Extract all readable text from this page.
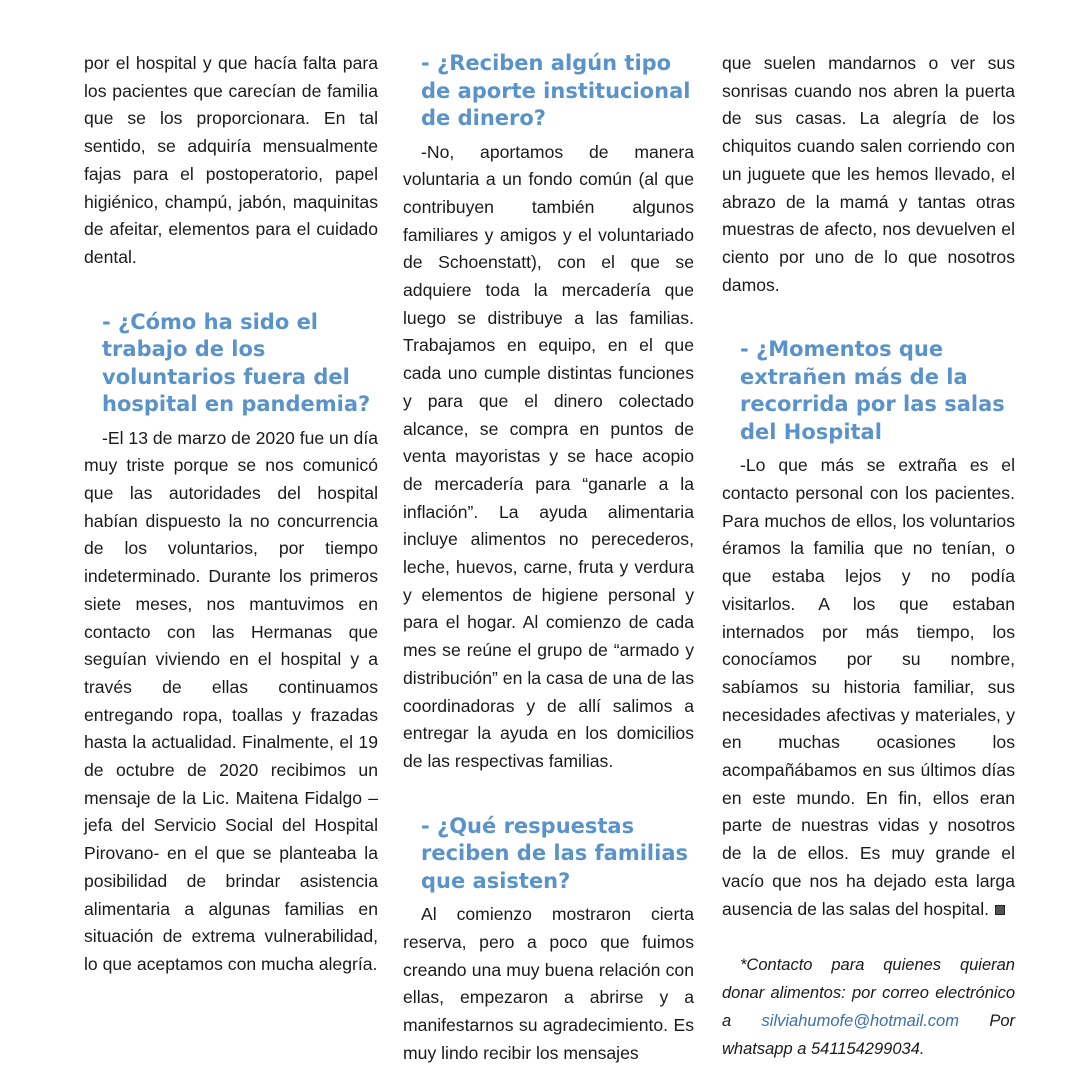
por el hospital y que hacía falta para los pacientes que carecían de familia que se los proporcionara. En tal sentido, se adquiría mensualmente fajas para el postoperatorio, papel higiénico, champú, jabón, maquinitas de afeitar, elementos para el cuidado dental.

- ¿Cómo ha sido el trabajo de los voluntarios fuera del hospital en pandemia?

-El 13 de marzo de 2020 fue un día muy triste porque se nos comunicó que las autoridades del hospital habían dispuesto la no concurrencia de los voluntarios, por tiempo indeterminado. Durante los primeros siete meses, nos mantuvimos en contacto con las Hermanas que seguían viviendo en el hospital y a través de ellas continuamos entregando ropa, toallas y frazadas hasta la actualidad. Finalmente, el 19 de octubre de 2020 recibimos un mensaje de la Lic. Maitena Fidalgo –jefa del Servicio Social del Hospital Pirovano- en el que se planteaba la posibilidad de brindar asistencia alimentaria a algunas familias en situación de extrema vulnerabilidad, lo que aceptamos con mucha alegría.

- ¿Reciben algún tipo de aporte institucional de dinero?

-No, aportamos de manera voluntaria a un fondo común (al que contribuyen también algunos familiares y amigos y el voluntariado de Schoenstatt), con el que se adquiere toda la mercadería que luego se distribuye a las familias. Trabajamos en equipo, en el que cada uno cumple distintas funciones y para que el dinero colectado alcance, se compra en puntos de venta mayoristas y se hace acopio de mercadería para “ganarle a la inflación”. La ayuda alimentaria incluye alimentos no perecederos, leche, huevos, carne, fruta y verdura y elementos de higiene personal y para el hogar. Al comienzo de cada mes se reúne el grupo de “armado y distribución” en la casa de una de las coordinadoras y de allí salimos a entregar la ayuda en los domicilios de las respectivas familias.

- ¿Qué respuestas reciben de las familias que asisten?

Al comienzo mostraron cierta reserva, pero a poco que fuimos creando una muy buena relación con ellas, empezaron a abrirse y a manifestarnos su agradecimiento. Es muy lindo recibir los mensajes

que suelen mandarnos o ver sus sonrisas cuando nos abren la puerta de sus casas. La alegría de los chiquitos cuando salen corriendo con un juguete que les hemos llevado, el abrazo de la mamá y tantas otras muestras de afecto, nos devuelven el ciento por uno de lo que nosotros damos.

- ¿Momentos que extrañen más de la recorrida por las salas del Hospital

-Lo que más se extraña es el contacto personal con los pacientes. Para muchos de ellos, los voluntarios éramos la familia que no tenían, o que estaba lejos y no podía visitarlos. A los que estaban internados por más tiempo, los conocíamos por su nombre, sabíamos su historia familiar, sus necesidades afectivas y materiales, y en muchas ocasiones los acompañábamos en sus últimos días en este mundo. En fin, ellos eran parte de nuestras vidas y nosotros de la de ellos. Es muy grande el vacío que nos ha dejado esta larga ausencia de las salas del hospital.

*Contacto para quienes quieran donar alimentos: por correo electrónico a silviahumofe@hotmail.com Por whatsapp a 541154299034.
